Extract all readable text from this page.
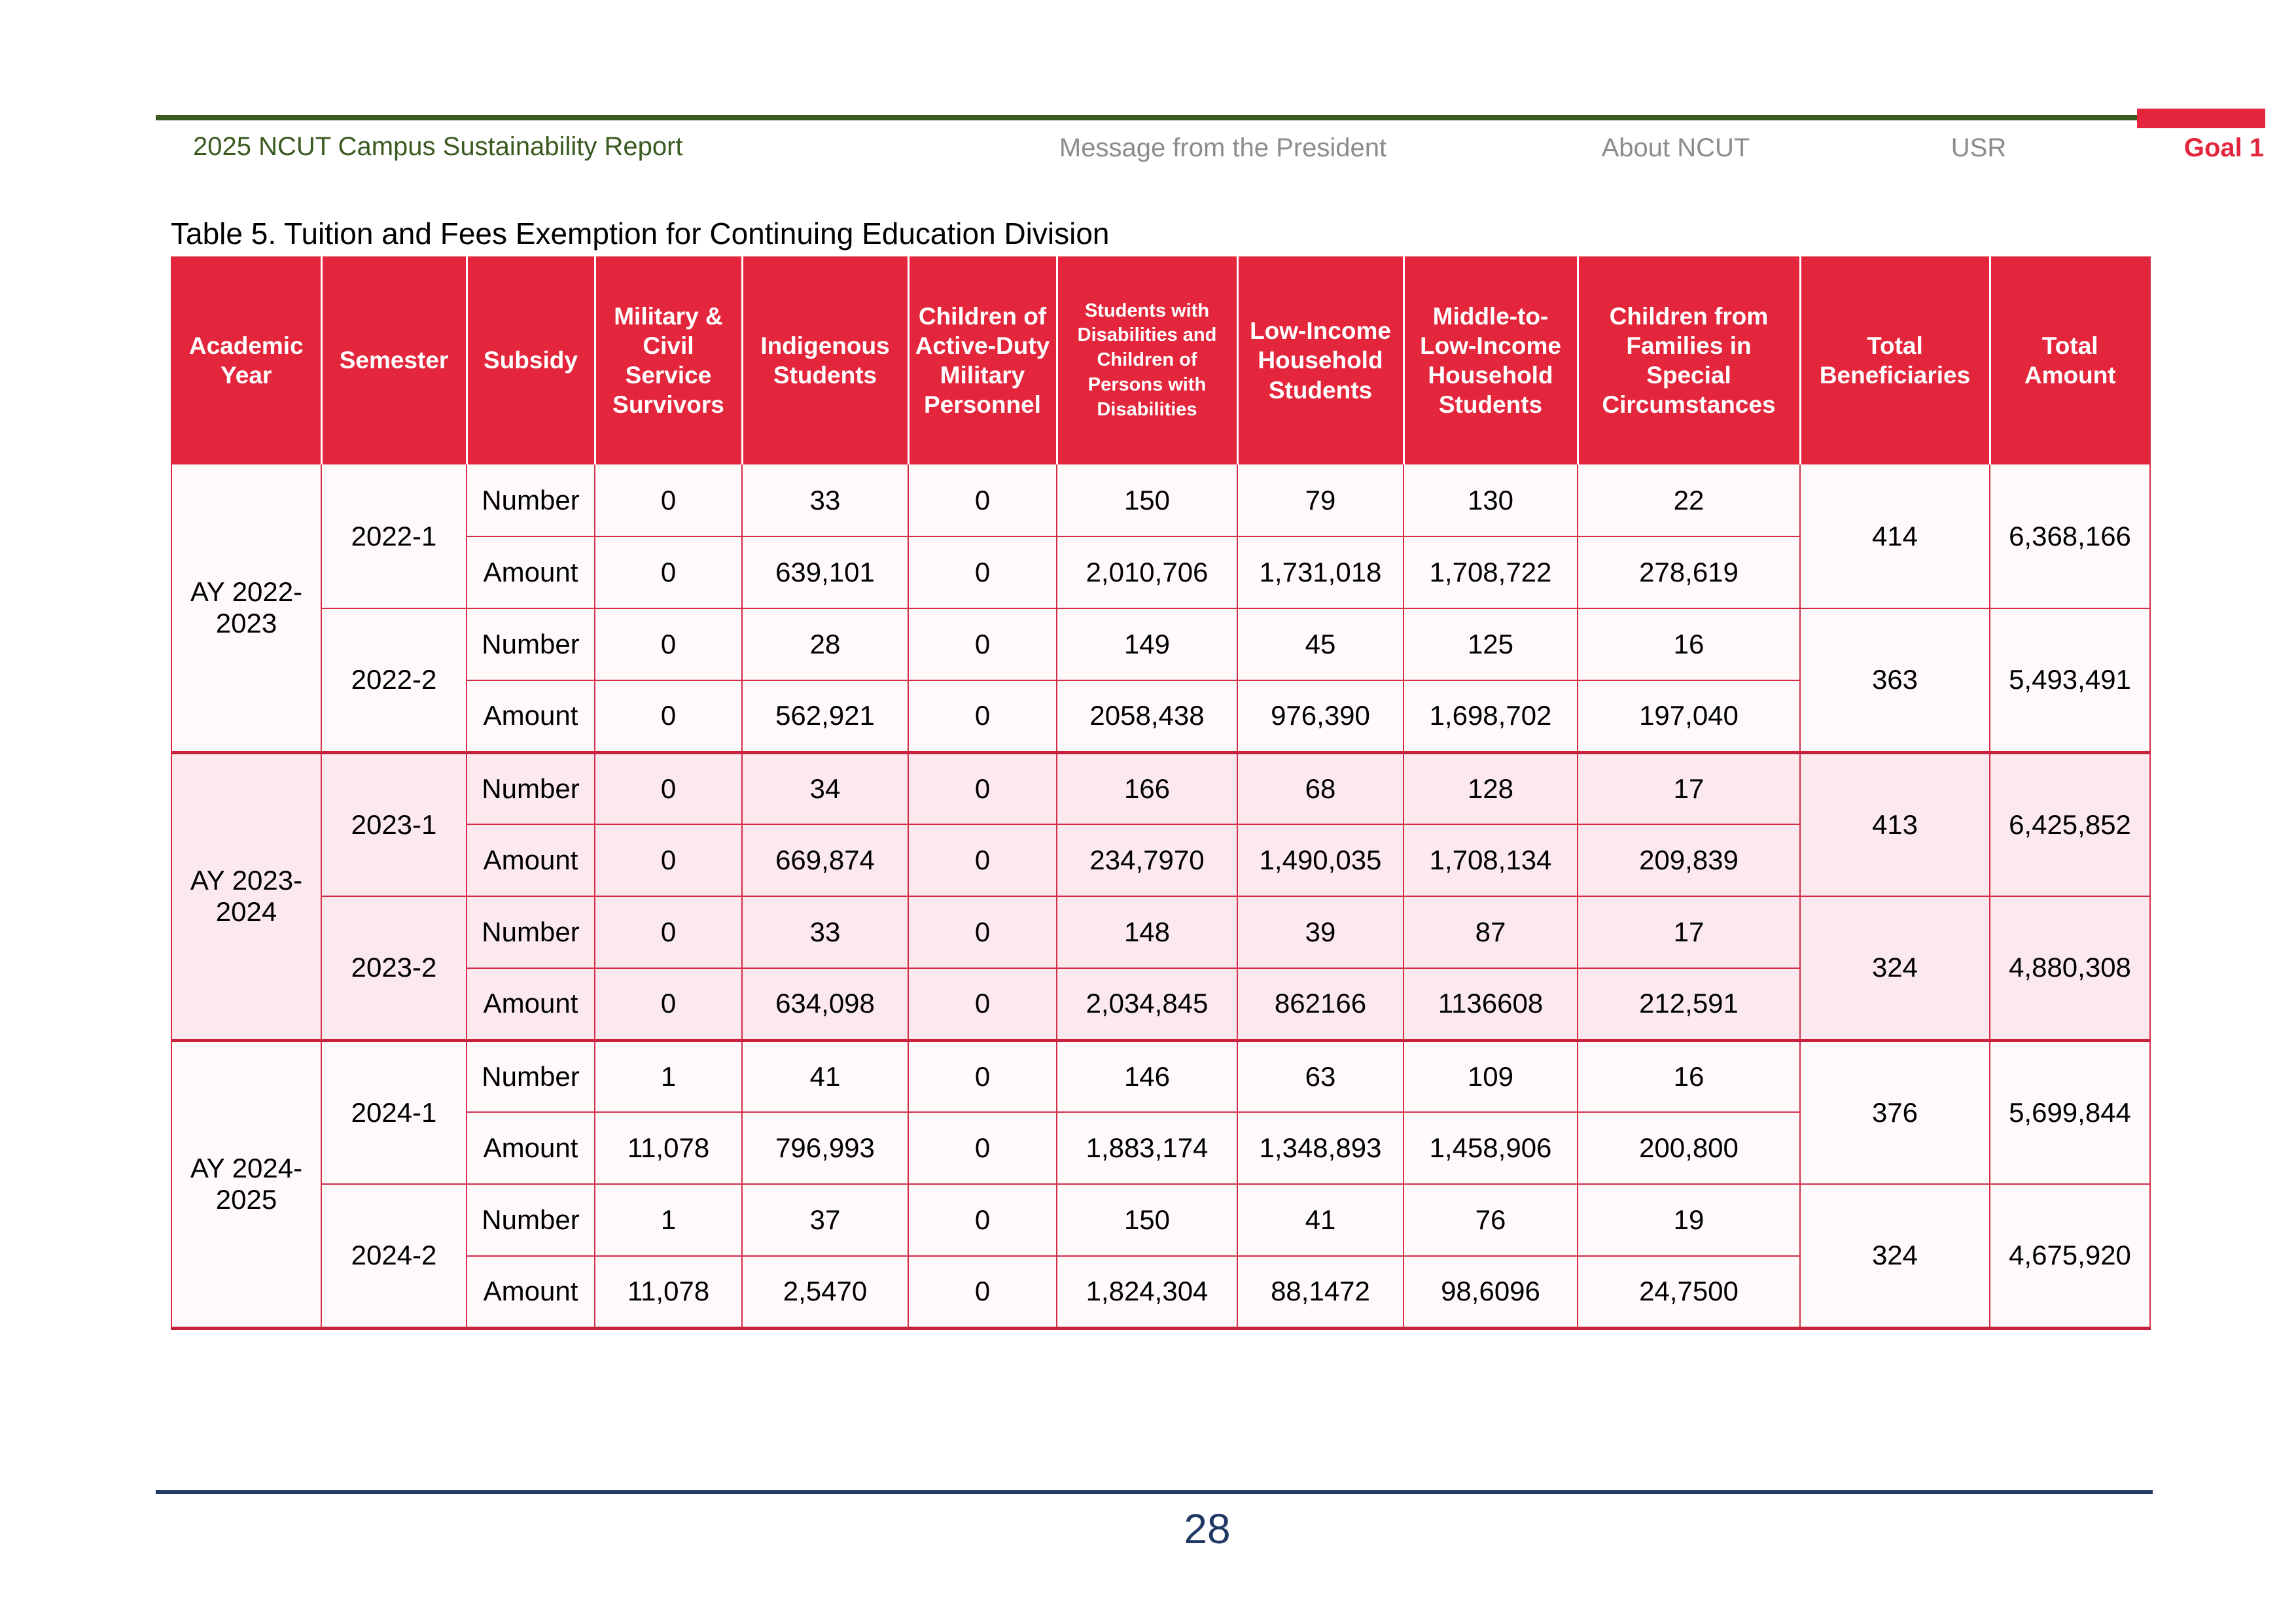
2025 NCUT Campus Sustainability Report	Message from the President	About NCUT	USR	Goal 1
Table 5. Tuition and Fees Exemption for Continuing Education Division
Academic Year	Semester	Subsidy	Military & Civil Service Survivors	Indigenous Students	Children of Active-Duty Military Personnel	Students with Disabilities and Children of Persons with Disabilities	Low-Income Household Students	Middle-to-Low-Income Household Students	Children from Families in Special Circumstances	Total Beneficiaries	Total Amount
AY 2022-2023	2022-1	Number	0	33	0	150	79	130	22	414	6,368,166
		Amount	0	639,101	0	2,010,706	1,731,018	1,708,722	278,619		
	2022-2	Number	0	28	0	149	45	125	16	363	5,493,491
		Amount	0	562,921	0	2058,438	976,390	1,698,702	197,040		
AY 2023-2024	2023-1	Number	0	34	0	166	68	128	17	413	6,425,852
		Amount	0	669,874	0	234,7970	1,490,035	1,708,134	209,839		
	2023-2	Number	0	33	0	148	39	87	17	324	4,880,308
		Amount	0	634,098	0	2,034,845	862166	1136608	212,591		
AY 2024-2025	2024-1	Number	1	41	0	146	63	109	16	376	5,699,844
		Amount	11,078	796,993	0	1,883,174	1,348,893	1,458,906	200,800		
	2024-2	Number	1	37	0	150	41	76	19	324	4,675,920
		Amount	11,078	2,5470	0	1,824,304	88,1472	98,6096	24,7500		
28
